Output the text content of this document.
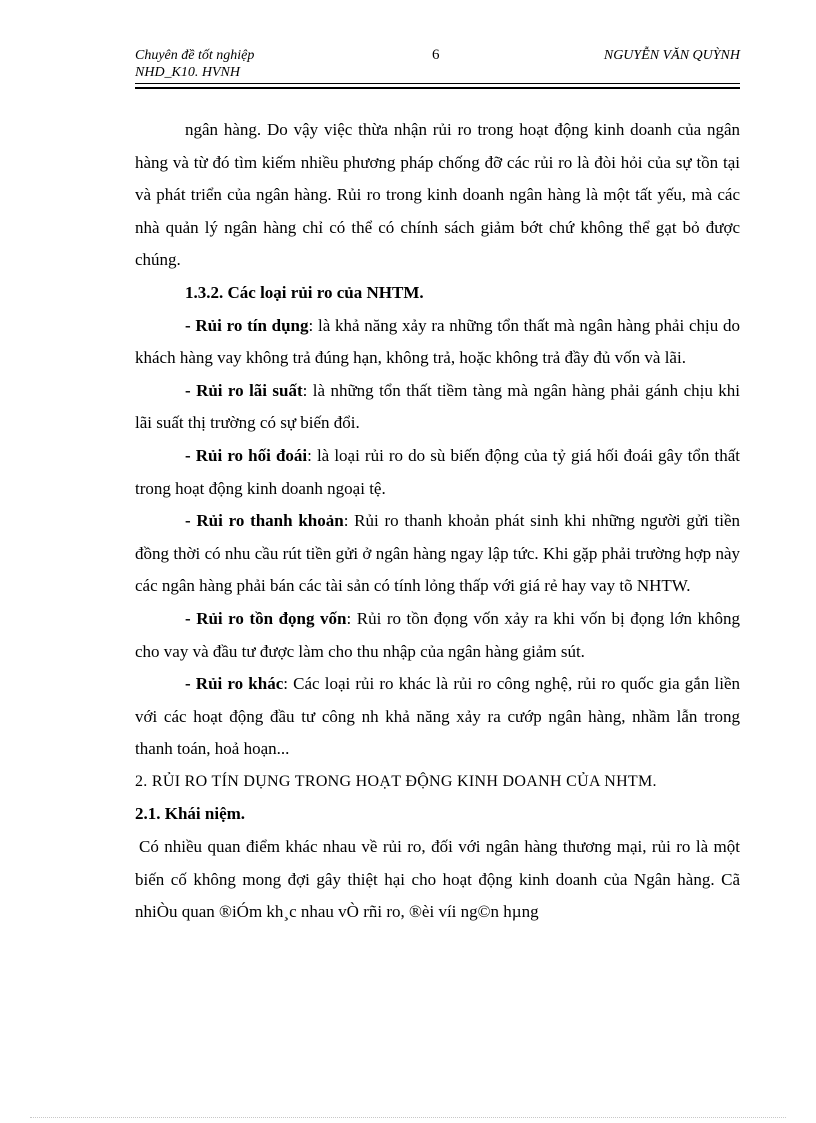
Chuyên đề tốt nghiệp
NHD_K10. HVNH
6	NGUYỄN VĂN QUỲNH

ngân hàng. Do vậy việc thừa nhận rủi ro trong hoạt động kinh doanh của ngân hàng và từ đó tìm kiếm nhiều phương pháp chống đỡ các rủi ro là đòi hỏi của sự tồn tại và phát triển của ngân hàng. Rủi ro trong kinh doanh ngân hàng là một tất yếu, mà các nhà quản lý ngân hàng chỉ có thể có chính sách giảm bớt chứ không thể gạt bỏ được chúng.

1.3.2. Các loại rủi ro của NHTM.

- Rủi ro tín dụng: là khả năng xảy ra những tổn thất mà ngân hàng phải chịu do khách hàng vay không trả đúng hạn, không trả, hoặc không trả đầy đủ vốn và lãi.

- Rủi ro lãi suất: là những tổn thất tiềm tàng mà ngân hàng phải gánh chịu khi lãi suất thị trường có sự biến đổi.

- Rủi ro hối đoái: là loại rủi ro do sù biến động của tỷ giá hối đoái gây tổn thất trong hoạt động kinh doanh ngoại tệ.

- Rủi ro thanh khoản: Rủi ro thanh khoản phát sinh khi những người gửi tiền đồng thời có nhu cầu rút tiền gửi ở ngân hàng ngay lập tức. Khi gặp phải trường hợp này các ngân hàng phải bán các tài sản có tính lỏng thấp với giá rẻ hay vay tõ NHTW.

- Rủi ro tồn đọng vốn: Rủi ro tồn đọng vốn xảy ra khi vốn bị đọng lớn không cho vay và đầu tư được làm cho thu nhập của ngân hàng giảm sút.

- Rủi ro khác: Các loại rủi ro khác là rủi ro công nghệ, rủi ro quốc gia gắn liền với các hoạt động đầu tư công nh khả năng xảy ra cướp ngân hàng, nhầm lẫn trong thanh toán, hoả hoạn...

2. RỦI RO TÍN DỤNG TRONG HOẠT ĐỘNG KINH DOANH CỦA NHTM.

2.1. Khái niệm.

Có nhiều quan điểm khác nhau về rủi ro, đối với ngân hàng thương mại, rủi ro là một biến cố không mong đợi gây thiệt hại cho hoạt động kinh doanh của Ngân hàng. Cã nhiÒu quan ®iÓm kh¸c nhau vÒ rñi ro, ®èi víi ng©n hµng
